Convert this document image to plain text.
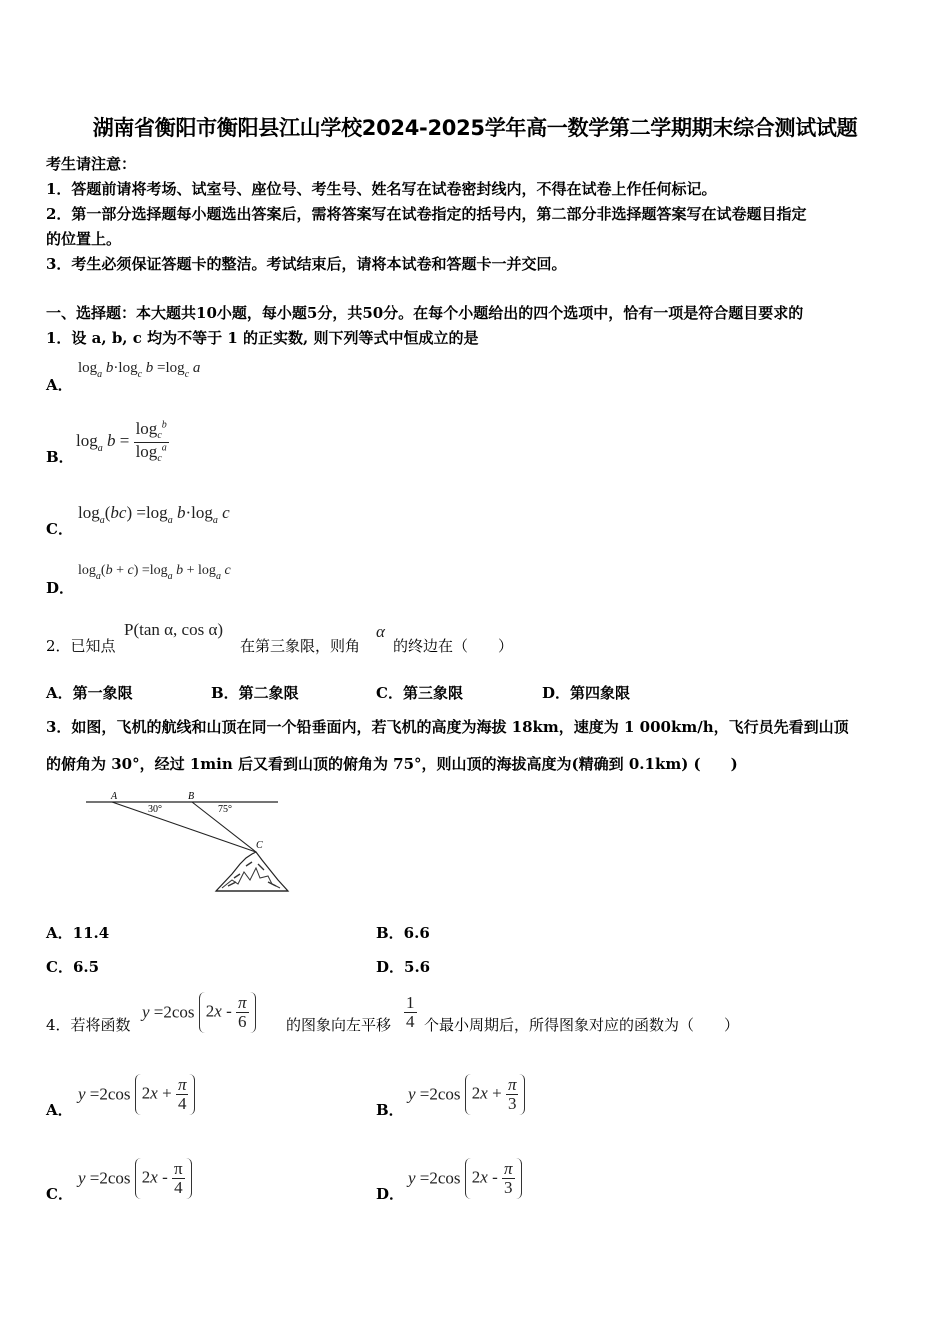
湖南省衡阳市衡阳县江山学校2024-2025学年高一数学第二学期期末综合测试试题
考生请注意：
1．答题前请将考场、试室号、座位号、考生号、姓名写在试卷密封线内，不得在试卷上作任何标记。
2．第一部分选择题每小题选出答案后，需将答案写在试卷指定的括号内，第二部分非选择题答案写在试卷题目指定
的位置上。
3．考生必须保证答题卡的整洁。考试结束后，请将本试卷和答题卡一并交回。
一、选择题：本大题共10小题，每小题5分，共50分。在每个小题给出的四个选项中，恰有一项是符合题目要求的
1．设 a, b, c 均为不等于 1 的正实数, 则下列等式中恒成立的是
A．
$\log_a b\cdot\log_c$ $b =\log_c$ a
B．
$\log_a b = \frac{\log_c^b}{\log_c^a}$
C．
$\log_a(bc) =\log_a$ $b\cdot\log_a$ c
D．
$\log_a(b + c) =\log_a$ $b + \log_a c$
2．已知点
P(tan α, cos α)
在第三象限，则角
α
的终边在（　　）
A．第一象限	B．第二象限	C．第三象限	D．第四象限
3．如图，飞机的航线和山顶在同一个铅垂面内，若飞机的高度为海拔 18km，速度为 1 000km/h，飞行员先看到山顶
的俯角为 30°，经过 1min 后又看到山顶的俯角为 75°，则山顶的海拔高度为(精确到 0.1km) (　　)
A	B
C
30°	75°
A．11.4	B．6.6
C．6.5	D．5.6
4．若将函数
y =2cos $2x - \frac{\pi}{6}$ 的图象向左平移 $\frac{1}{4}$ 个最小周期后，所得图象对应的函数为（　　）
A．
y =2cos $2x + \frac{\pi}{4}$	B．
y =2cos $2x + \frac{\pi}{3}$
C．
y =2cos $2x - \frac{\pi}{4}$	D．
y =2cos $2x - \frac{\pi}{3}$
